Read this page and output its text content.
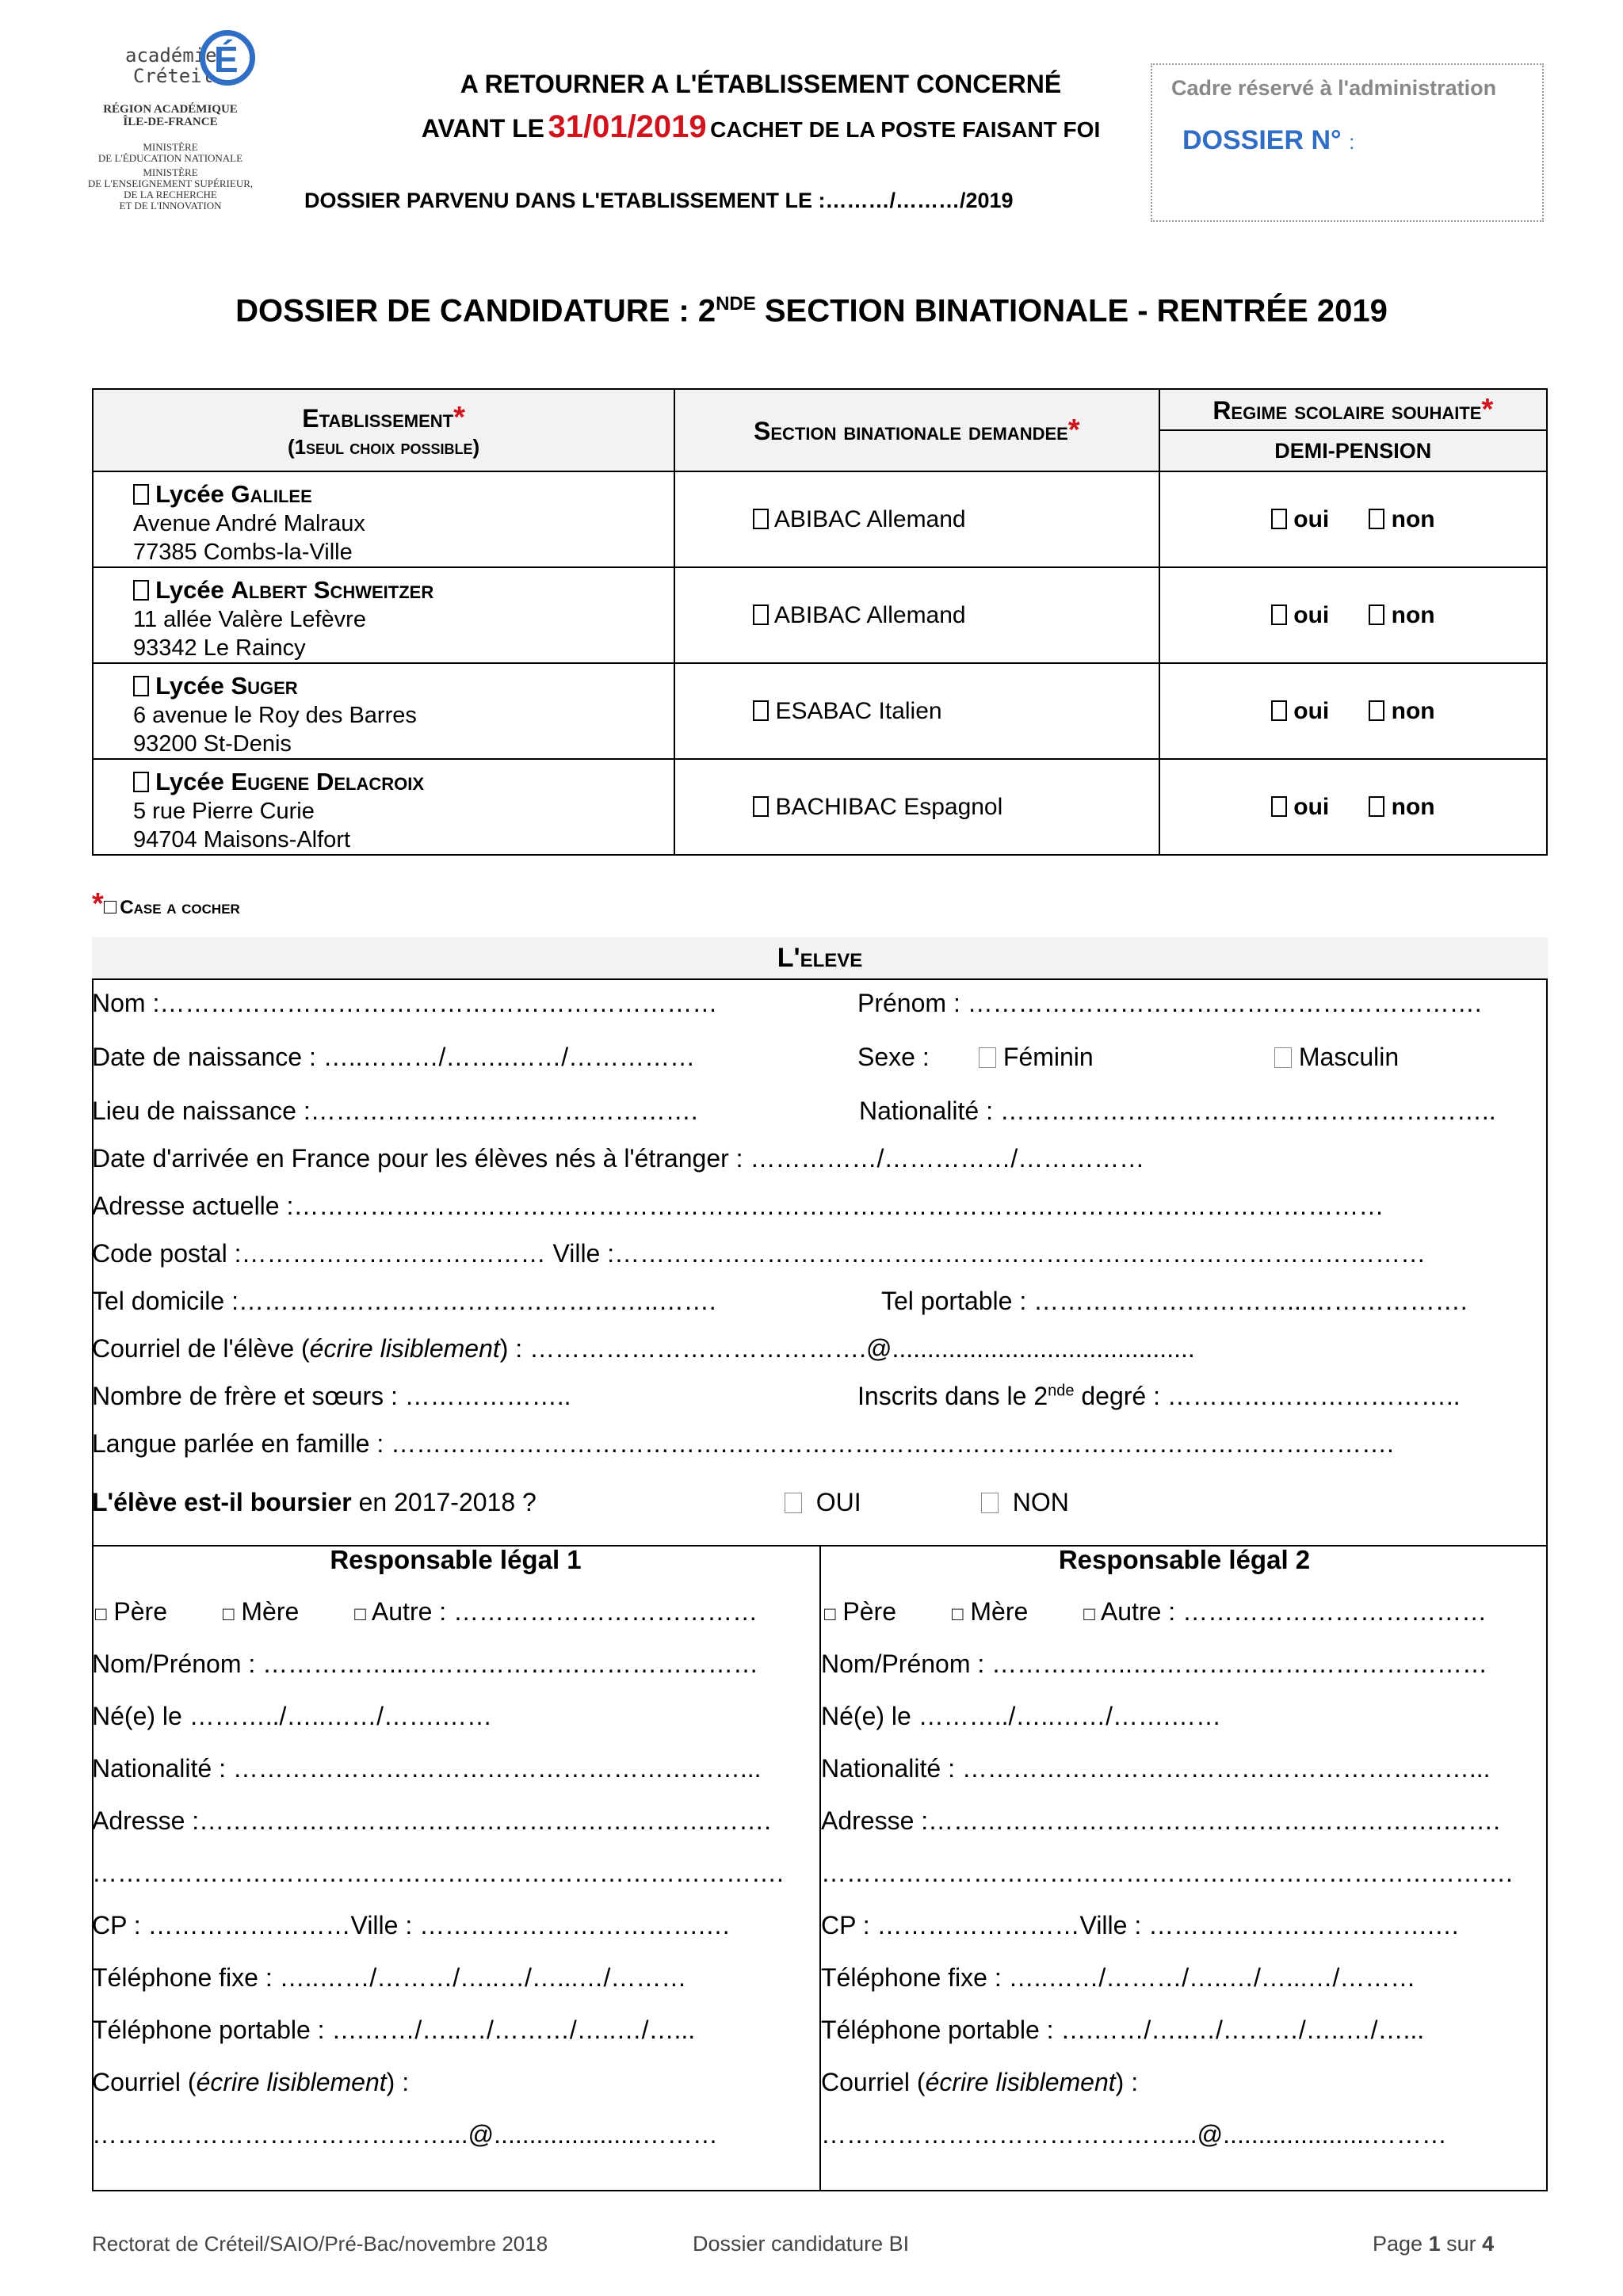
académie
Créteil É
RÉGION ACADÉMIQUE
ÎLE-DE-FRANCE
MINISTÈRE
DE L'ÉDUCATION NATIONALE
MINISTÈRE
DE L'ENSEIGNEMENT SUPÉRIEUR,
DE LA RECHERCHE
ET DE L'INNOVATION
A RETOURNER A L'ÉTABLISSEMENT CONCERNÉ
AVANT LE 31/01/2019 CACHET DE LA POSTE FAISANT FOI
DOSSIER PARVENU DANS L'ETABLISSEMENT LE :………/………/2019
Cadre réservé à l'administration
DOSSIER N° :
DOSSIER DE CANDIDATURE : 2NDE SECTION BINATIONALE - RENTRÉE 2019
Etablissement*
(1seul choix possible)	Section binationale demandee*	Regime scolaire souhaite*
		DEMI-PENSION
Lycée Galilee
Avenue André Malraux
77385 Combs-la-Ville	ABIBAC Allemand	oui non
Lycée Albert Schweitzer
11 allée Valère Lefèvre
93342 Le Raincy	ABIBAC Allemand	oui non
Lycée Suger
6 avenue le Roy des Barres
93200 St-Denis	ESABAC Italien	oui non
Lycée Eugene Delacroix
5 rue Pierre Curie
94704 Maisons-Alfort	BACHIBAC Espagnol	oui non
* Case a cocher
L'eleve
Nom :…………………………………………………………	Prénom : …………………………………………………….
Date de naissance : …..………/……..……/……………	Sexe :	Féminin	Masculin
Lieu de naissance :……………………………………….	Nationalité : …………………………………………………..
Date d'arrivée en France pour les élèves nés à l'étranger : ……………/……………/……………
Adresse actuelle :…………………………………………………………………………………………………………………
Code postal :……………………………… Ville :……………………………………………………………………………………
Tel domicile :…………………………………………..…….	Tel portable : …………………………...……………….
Courriel de l'élève (écrire lisiblement) : ………………………………….@...........................................
Nombre de frère et sœurs : ………………..	Inscrits dans le 2nde degré : ……………………………..
Langue parlée en famille : ………………………………….…………………………………………………………………….
L'élève est-il boursier en 2017-2018 ?	OUI	NON
Responsable légal 1
□ Père	□ Mère	□ Autre : ………………………………
Nom/Prénom : ……………..……………………………………
Né(e) le ………../…..……/…….……
Nationalité : ……………………………………………………...
Adresse :…………………………………………………….…….
……………………………………………………………………….
CP : ……………………Ville : …………………………….…
Téléphone fixe : …..……/………/…..…/…...…/………
Téléphone portable : ….……/…..…/………/…..…/…...
Courriel (écrire lisiblement) :
……………………………………...@.....................………
Responsable légal 2
□ Père	□ Mère	□ Autre : ………………………………
Nom/Prénom : ……………..……………………………………
Né(e) le ………../…..……/…….……
Nationalité : ……………………………………………………...
Adresse :…………………………………………………….…….
……………………………………………………………………….
CP : ……………………Ville : …………………………….…
Téléphone fixe : …..……/………/…..…/…...…/………
Téléphone portable : ….……/…..…/………/…..…/…...
Courriel (écrire lisiblement) :
……………………………………...@.....................………
Rectorat de Créteil/SAIO/Pré-Bac/novembre 2018	Dossier candidature BI	Page 1 sur 4
